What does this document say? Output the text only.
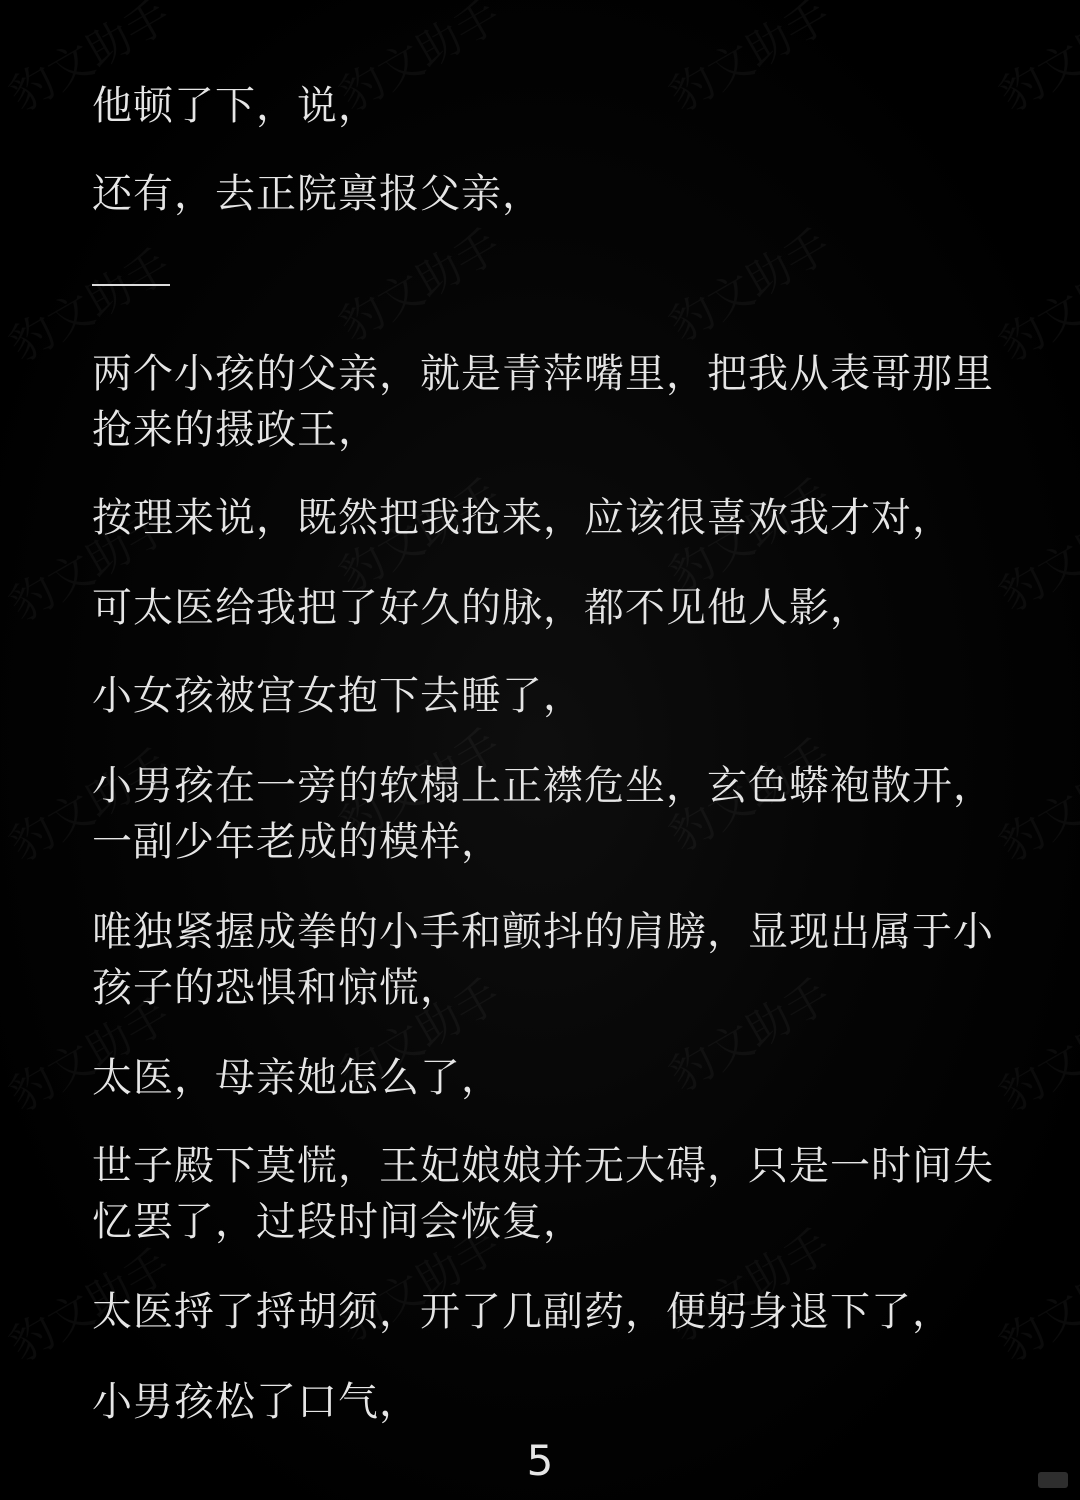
他顿了下，说，

还有，去正院禀报父亲，

两个小孩的父亲，就是青萍嘴里，把我从表哥那里抢来的摄政王，

按理来说，既然把我抢来，应该很喜欢我才对，

可太医给我把了好久的脉，都不见他人影，

小女孩被宫女抱下去睡了，

小男孩在一旁的软榻上正襟危坐，玄色蟒袍散开，一副少年老成的模样，

唯独紧握成拳的小手和颤抖的肩膀，显现出属于小孩子的恐惧和惊慌，

太医，母亲她怎么了，

世子殿下莫慌，王妃娘娘并无大碍，只是一时间失忆罢了，过段时间会恢复，

太医捋了捋胡须，开了几副药，便躬身退下了，

小男孩松了口气，

5
